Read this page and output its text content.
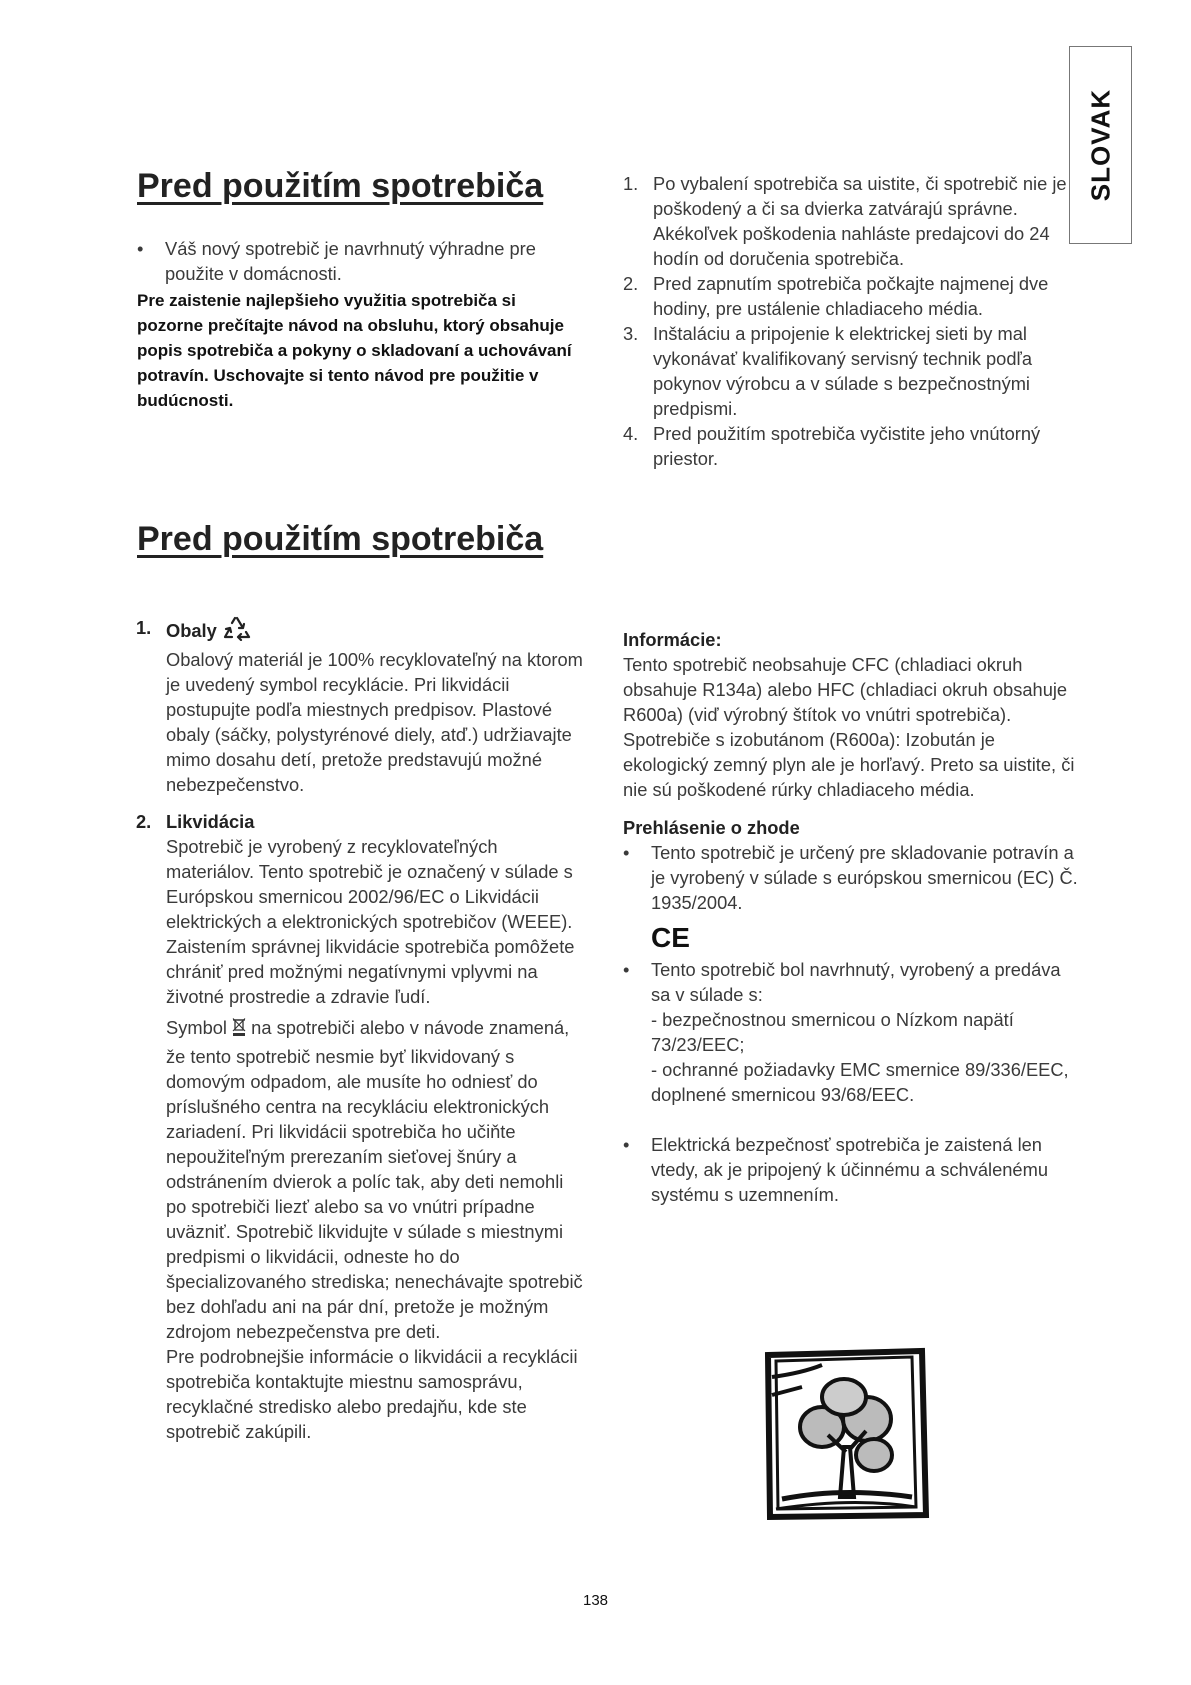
SLOVAK
Pred použitím spotrebiča
• Váš nový spotrebič je navrhnutý výhradne pre
použite v domácnosti.
Pre zaistenie najlepšieho využitia spotrebiča si pozorne prečítajte návod na obsluhu, ktorý obsahuje popis spotrebiča a pokyny o skladovaní a uchovávaní potravín. Uschovajte si tento návod pre použitie v budúcnosti.
1. Po vybalení spotrebiča sa uistite, či spotrebič nie je poškodený a či sa dvierka zatvárajú správne. Akékoľvek poškodenia nahláste predajcovi do 24 hodín od doručenia spotrebiča.
2. Pred zapnutím spotrebiča počkajte najmenej dve hodiny, pre ustálenie chladiaceho média.
3. Inštaláciu a pripojenie k elektrickej sieti by mal vykonávať kvalifikovaný servisný technik podľa pokynov výrobcu a v súlade s bezpečnostnými predpismi.
4. Pred použitím spotrebiča vyčistite jeho vnútorný priestor.
Pred použitím spotrebiča
1. Obaly
Obalový materiál je 100% recyklovateľný na ktorom je uvedený symbol recyklácie. Pri likvidácii postupujte podľa miestnych predpisov. Plastové obaly (sáčky, polystyrénové diely, atď.) udržiavajte mimo dosahu detí, pretože predstavujú možné nebezpečenstvo.
2. Likvidácia
Spotrebič je vyrobený z recyklovateľných materiálov. Tento spotrebič je označený v súlade s Európskou smernicou 2002/96/EC o Likvidácii elektrických a elektronických spotrebičov (WEEE). Zaistením správnej likvidácie spotrebiča pomôžete chrániť pred možnými negatívnymi vplyvmi na životné prostredie a zdravie ľudí.
Symbol na spotrebiči alebo v návode znamená, že tento spotrebič nesmie byť likvidovaný s domovým odpadom, ale musíte ho odniesť do príslušného centra na recykláciu elektronických zariadení. Pri likvidácii spotrebiča ho učiňte nepoužiteľným prerezaním sieťovej šnúry a odstránením dvierok a políc tak, aby deti nemohli po spotrebiči liezť alebo sa vo vnútri prípadne uväzniť. Spotrebič likvidujte v súlade s miestnymi predpismi o likvidácii, odneste ho do špecializovaného strediska; nenechávajte spotrebič bez dohľadu ani na pár dní, pretože je možným zdrojom nebezpečenstva pre deti.
Pre podrobnejšie informácie o likvidácii a recyklácii spotrebiča kontaktujte miestnu samosprávu, recyklačné stredisko alebo predajňu, kde ste spotrebič zakúpili.
Informácie:
Tento spotrebič neobsahuje CFC (chladiaci okruh obsahuje R134a) alebo HFC (chladiaci okruh obsahuje R600a) (viď výrobný štítok vo vnútri spotrebiča).
Spotrebiče s izobutánom (R600a): Izobután je ekologický zemný plyn ale je horľavý. Preto sa uistite, či nie sú poškodené rúrky chladiaceho média.
Prehlásenie o zhode
• Tento spotrebič je určený pre skladovanie potravín a je vyrobený v súlade s európskou smernicou (EC) Č. 1935/2004.
CE
• Tento spotrebič bol navrhnutý, vyrobený a predáva sa v súlade s:
- bezpečnostnou smernicou o Nízkom napätí 73/23/EEC;
- ochranné požiadavky EMC smernice 89/336/EEC, doplnené smernicou 93/68/EEC.
• Elektrická bezpečnosť spotrebiča je zaistená len vtedy, ak je pripojený k účinnému a schválenému systému s uzemnením.
138
